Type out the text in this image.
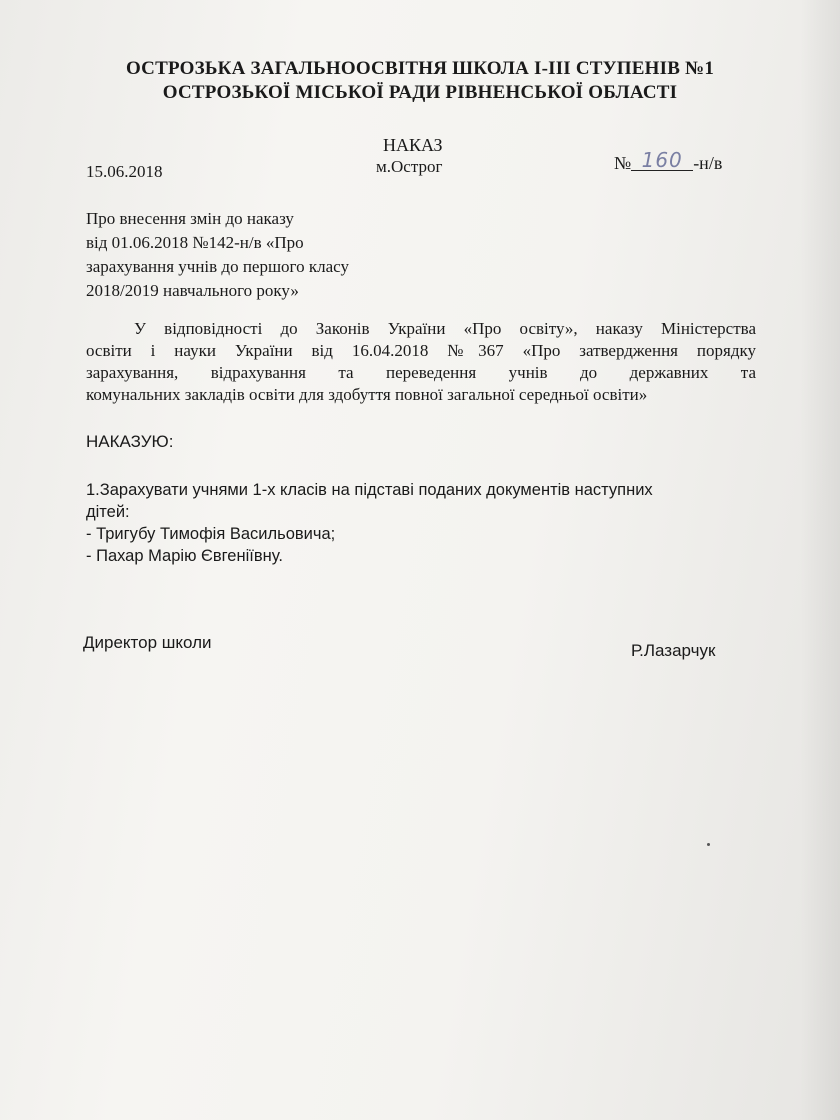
ОСТРОЗЬКА ЗАГАЛЬНООСВІТНЯ ШКОЛА І-ІІІ СТУПЕНІВ №1
ОСТРОЗЬКОЇ МІСЬКОЇ РАДИ РІВНЕНСЬКОЇ ОБЛАСТІ
НАКАЗ
м.Острог
15.06.2018	№ 160 -н/в
Про внесення змін до наказу
від 01.06.2018 №142-н/в «Про
зарахування учнів до першого класу
2018/2019 навчального року»
У відповідності до Законів України «Про освіту», наказу Міністерства
освіти і науки України від 16.04.2018 №367 «Про затвердження порядку
зарахування, відрахування та переведення учнів до державних та
комунальних закладів освіти для здобуття повної загальної середньої освіти»
НАКАЗУЮ:
1.Зарахувати учнями 1-х класів на підставі поданих документів наступних
дітей:
- Тригубу Тимофія Васильовича;
- Пахар Марію Євгеніївну.
Директор школи	Р.Лазарчук
